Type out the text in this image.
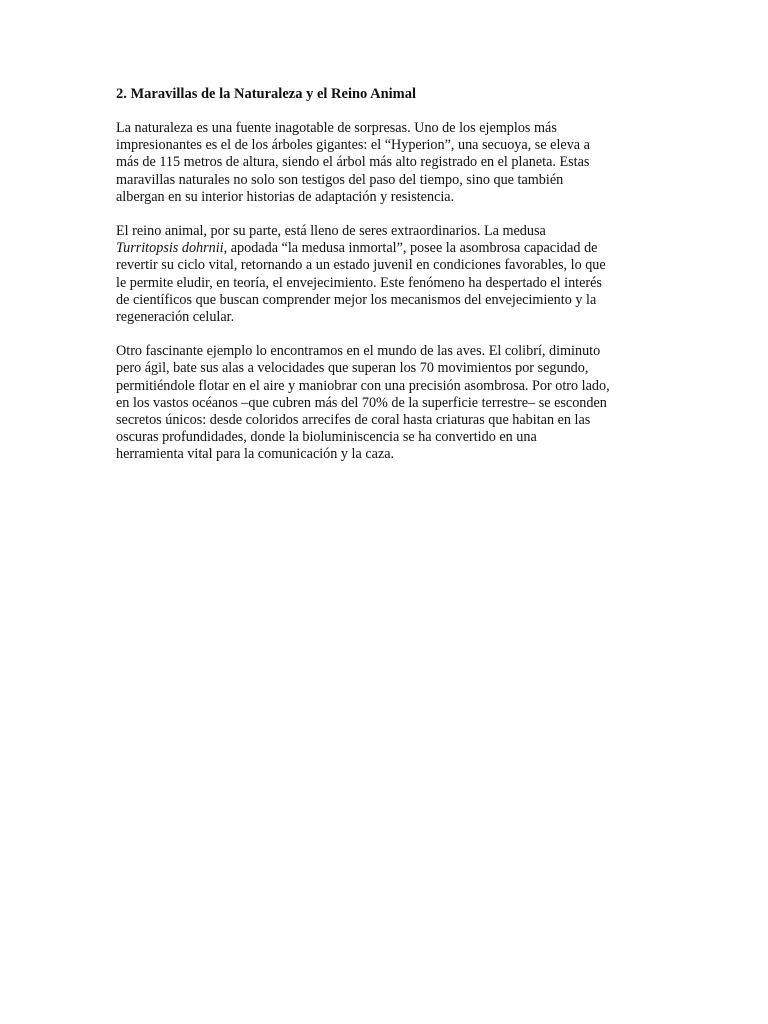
2. Maravillas de la Naturaleza y el Reino Animal
La naturaleza es una fuente inagotable de sorpresas. Uno de los ejemplos más
impresionantes es el de los árboles gigantes: el “Hyperion”, una secuoya, se eleva a
más de 115 metros de altura, siendo el árbol más alto registrado en el planeta. Estas
maravillas naturales no solo son testigos del paso del tiempo, sino que también
albergan en su interior historias de adaptación y resistencia.
El reino animal, por su parte, está lleno de seres extraordinarios. La medusa
Turritopsis dohrnii, apodada “la medusa inmortal”, posee la asombrosa capacidad de
revertir su ciclo vital, retornando a un estado juvenil en condiciones favorables, lo que
le permite eludir, en teoría, el envejecimiento. Este fenómeno ha despertado el interés
de científicos que buscan comprender mejor los mecanismos del envejecimiento y la
regeneración celular.
Otro fascinante ejemplo lo encontramos en el mundo de las aves. El colibrí, diminuto
pero ágil, bate sus alas a velocidades que superan los 70 movimientos por segundo,
permitiéndole flotar en el aire y maniobrar con una precisión asombrosa. Por otro lado,
en los vastos océanos –que cubren más del 70% de la superficie terrestre– se esconden
secretos únicos: desde coloridos arrecifes de coral hasta criaturas que habitan en las
oscuras profundidades, donde la bioluminiscencia se ha convertido en una
herramienta vital para la comunicación y la caza.
